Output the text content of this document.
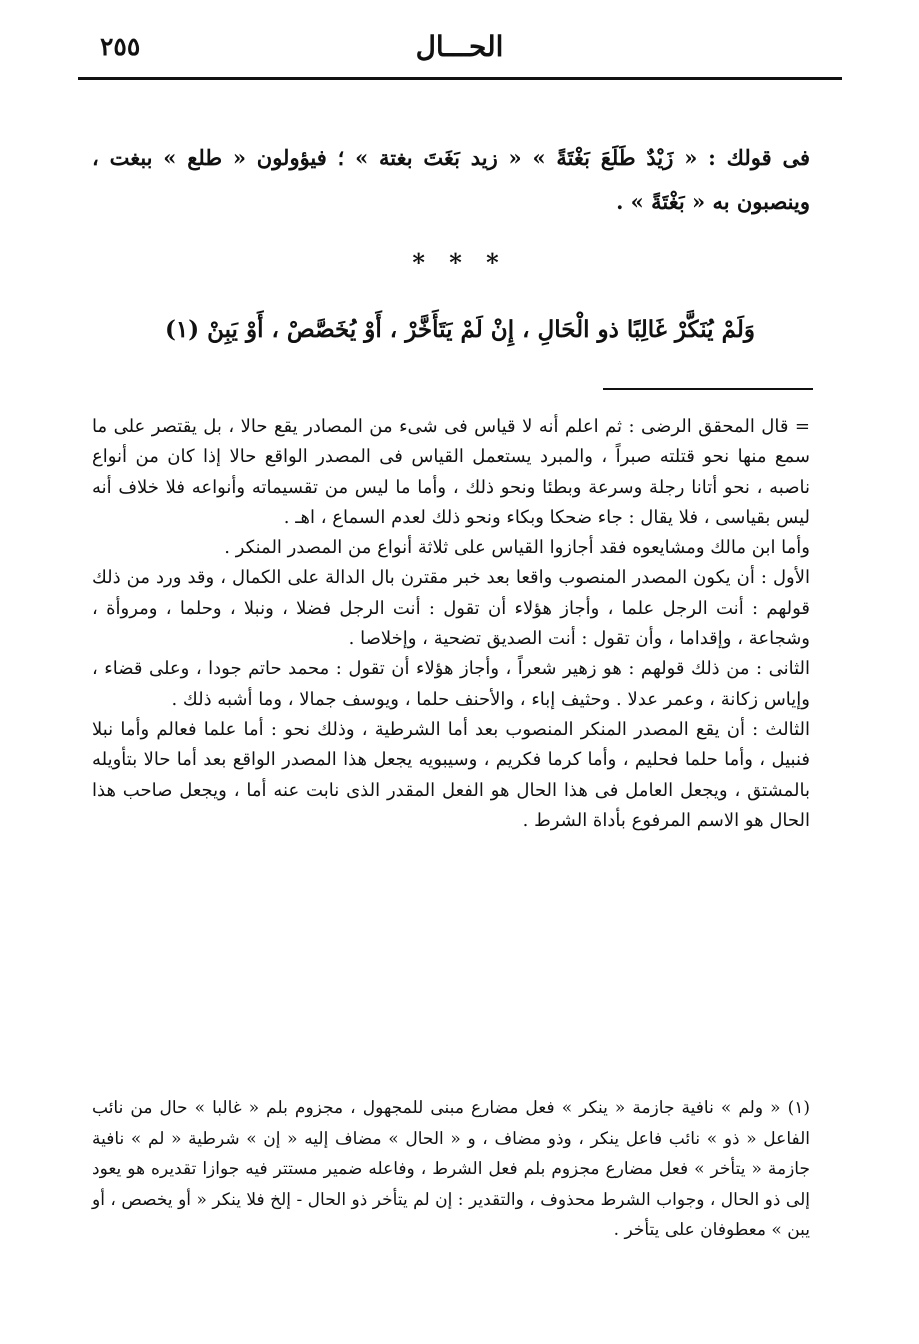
٢٥٥	الحـــال

فى قولك : « زَيْدٌ طَلَعَ بَغْتَةً » « زيد بَغَتَ بغتة » ؛ فيؤولون « طلع » ببغت ، وينصبون به « بَغْتَةً » .

* * *
وَلَمْ يُنَكَّرْ غَالِبًا ذو الْحَالِ ، إِنْ لَمْ يَتَأَخَّرْ ، أَوْ يُخَصَّصْ ، أَوْ يَبِنْ (١)

= قال المحقق الرضى : ثم اعلم أنه لا قياس فى شىء من المصادر يقع حالا ، بل يقتصر على ما سمع منها نحو قتلته صبراً ، والمبرد يستعمل القياس فى المصدر الواقع حالا إذا كان من أنواع ناصبه ، نحو أتانا رجلة وسرعة وبطئا ونحو ذلك ، وأما ما ليس من تقسيماته وأنواعه فلا خلاف أنه ليس بقياسى ، فلا يقال : جاء ضحكا وبكاء ونحو ذلك لعدم السماع ، اهـ .

وأما ابن مالك ومشايعوه فقد أجازوا القياس على ثلاثة أنواع من المصدر المنكر .

الأول : أن يكون المصدر المنصوب واقعا بعد خبر مقترن بال الدالة على الكمال ، وقد ورد من ذلك قولهم : أنت الرجل علما ، وأجاز هؤلاء أن تقول : أنت الرجل فضلا ، ونبلا ، وحلما ، ومروأة ، وشجاعة ، وإقداما ، وأن تقول : أنت الصديق تضحية ، وإخلاصا .

الثانى : من ذلك قولهم : هو زهير شعراً ، وأجاز هؤلاء أن تقول : محمد حاتم جودا ، وعلى قضاء ، وإياس زكانة ، وعمر عدلا . وحثيف إباء ، والأحنف حلما ، ويوسف جمالا ، وما أشبه ذلك .

الثالث : أن يقع المصدر المنكر المنصوب بعد أما الشرطية ، وذلك نحو : أما علما فعالم وأما نبلا فنبيل ، وأما حلما فحليم ، وأما كرما فكريم ، وسيبويه يجعل هذا المصدر الواقع بعد أما حالا بتأويله بالمشتق ، ويجعل العامل فى هذا الحال هو الفعل المقدر الذى نابت عنه أما ، ويجعل صاحب هذا الحال هو الاسم المرفوع بأداة الشرط .

(١) « ولم » نافية جازمة « ينكر » فعل مضارع مبنى للمجهول ، مجزوم بلم « غالبا » حال من نائب الفاعل « ذو » نائب فاعل ينكر ، وذو مضاف ، و « الحال » مضاف إليه « إن » شرطية « لم » نافية جازمة « يتأخر » فعل مضارع مجزوم بلم فعل الشرط ، وفاعله ضمير مستتر فيه جوازا تقديره هو يعود إلى ذو الحال ، وجواب الشرط محذوف ، والتقدير : إن لم يتأخر ذو الحال - إلخ فلا ينكر « أو يخصص ، أو يبن » معطوفان على يتأخر .
